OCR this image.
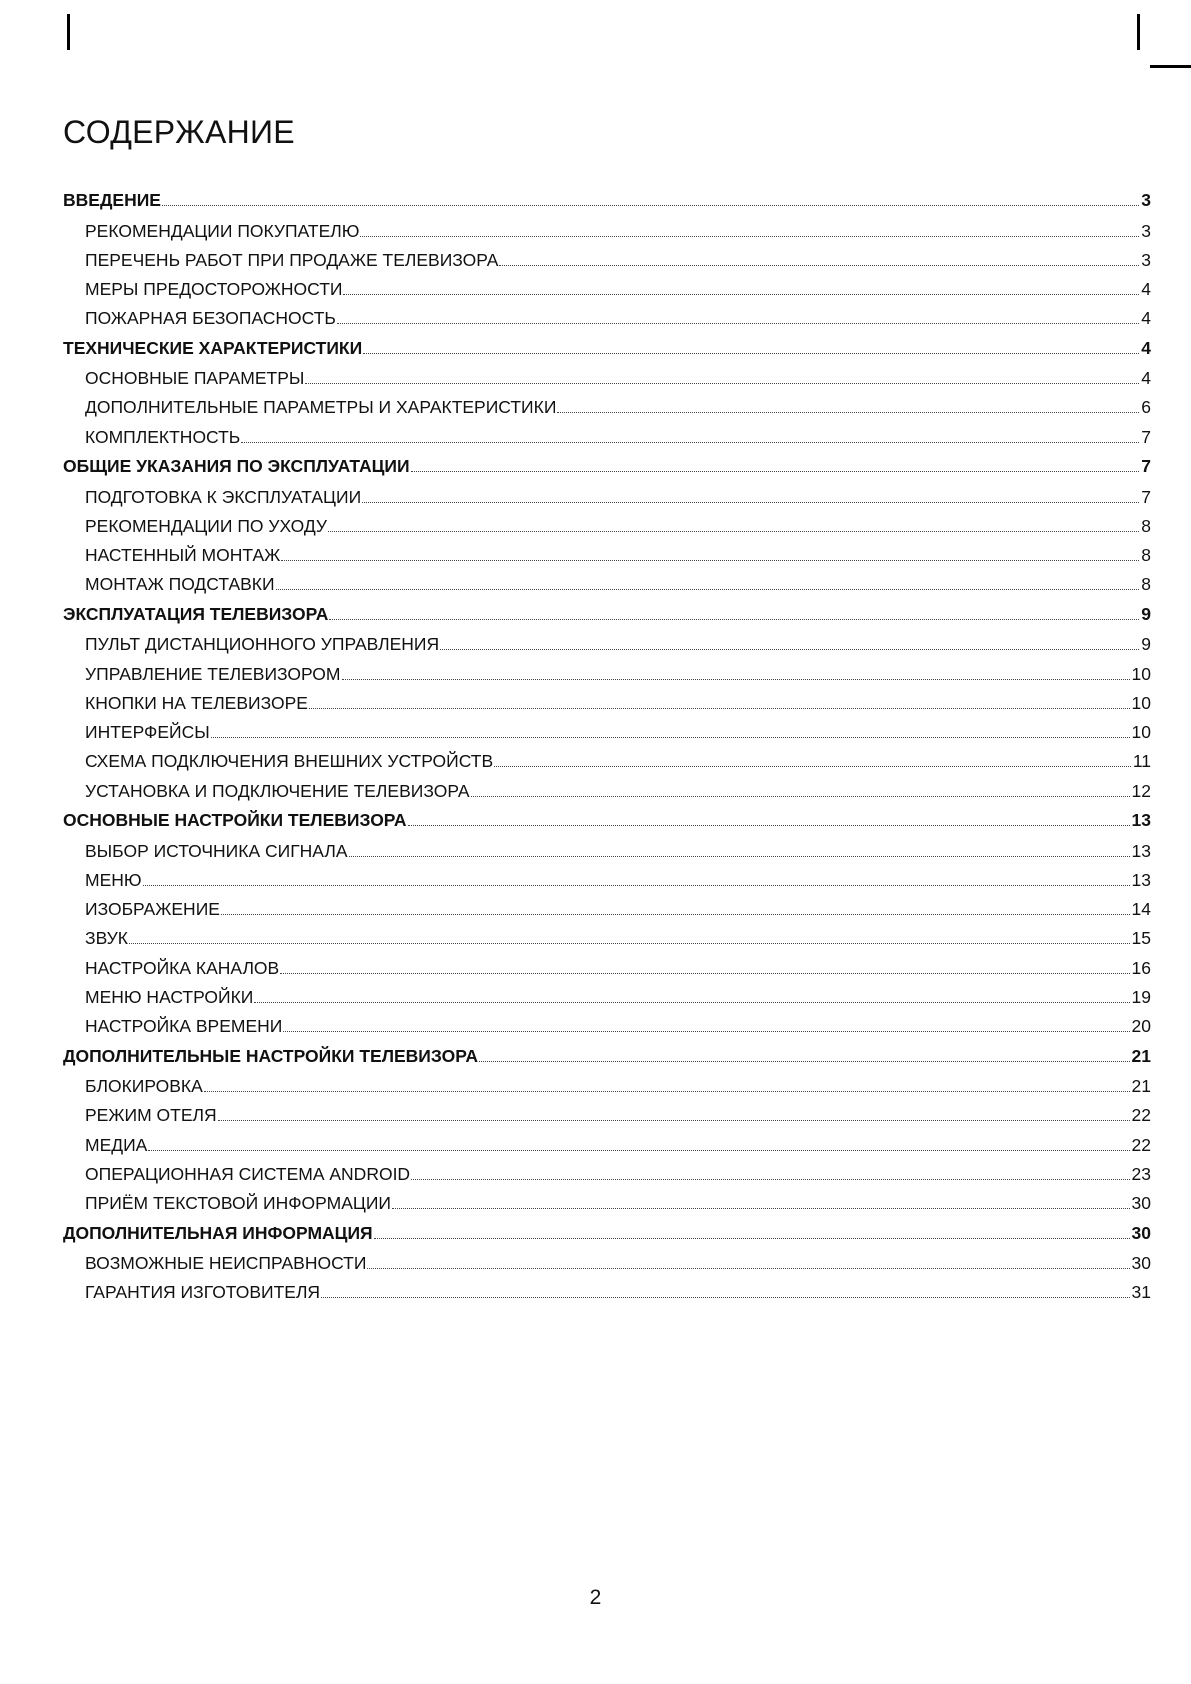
СОДЕРЖАНИЕ
ВВЕДЕНИЕ	3
РЕКОМЕНДАЦИИ ПОКУПАТЕЛЮ	3
ПЕРЕЧЕНЬ РАБОТ ПРИ ПРОДАЖЕ ТЕЛЕВИЗОРА	3
МЕРЫ ПРЕДОСТОРОЖНОСТИ	4
ПОЖАРНАЯ БЕЗОПАСНОСТЬ	4
ТЕХНИЧЕСКИЕ ХАРАКТЕРИСТИКИ	4
ОСНОВНЫЕ ПАРАМЕТРЫ	4
ДОПОЛНИТЕЛЬНЫЕ ПАРАМЕТРЫ И ХАРАКТЕРИСТИКИ	6
КОМПЛЕКТНОСТЬ	7
ОБЩИЕ УКАЗАНИЯ ПО ЭКСПЛУАТАЦИИ	7
ПОДГОТОВКА К ЭКСПЛУАТАЦИИ	7
РЕКОМЕНДАЦИИ ПО УХОДУ	8
НАСТЕННЫЙ МОНТАЖ	8
МОНТАЖ ПОДСТАВКИ	8
ЭКСПЛУАТАЦИЯ ТЕЛЕВИЗОРА	9
ПУЛЬТ ДИСТАНЦИОННОГО УПРАВЛЕНИЯ	9
УПРАВЛЕНИЕ ТЕЛЕВИЗОРОМ	10
КНОПКИ НА ТЕЛЕВИЗОРЕ	10
ИНТЕРФЕЙСЫ	10
СХЕМА ПОДКЛЮЧЕНИЯ ВНЕШНИХ УСТРОЙСТВ	11
УСТАНОВКА И ПОДКЛЮЧЕНИЕ ТЕЛЕВИЗОРА	12
ОСНОВНЫЕ НАСТРОЙКИ ТЕЛЕВИЗОРА	13
ВЫБОР ИСТОЧНИКА СИГНАЛА	13
МЕНЮ	13
ИЗОБРАЖЕНИЕ	14
ЗВУК	15
НАСТРОЙКА КАНАЛОВ	16
МЕНЮ НАСТРОЙКИ	19
НАСТРОЙКА ВРЕМЕНИ	20
ДОПОЛНИТЕЛЬНЫЕ НАСТРОЙКИ ТЕЛЕВИЗОРА	21
БЛОКИРОВКА	21
РЕЖИМ ОТЕЛЯ	22
МЕДИА	22
ОПЕРАЦИОННАЯ СИСТЕМА ANDROID	23
ПРИЁМ ТЕКСТОВОЙ ИНФОРМАЦИИ	30
ДОПОЛНИТЕЛЬНАЯ ИНФОРМАЦИЯ	30
ВОЗМОЖНЫЕ НЕИСПРАВНОСТИ	30
ГАРАНТИЯ ИЗГОТОВИТЕЛЯ	31
2
